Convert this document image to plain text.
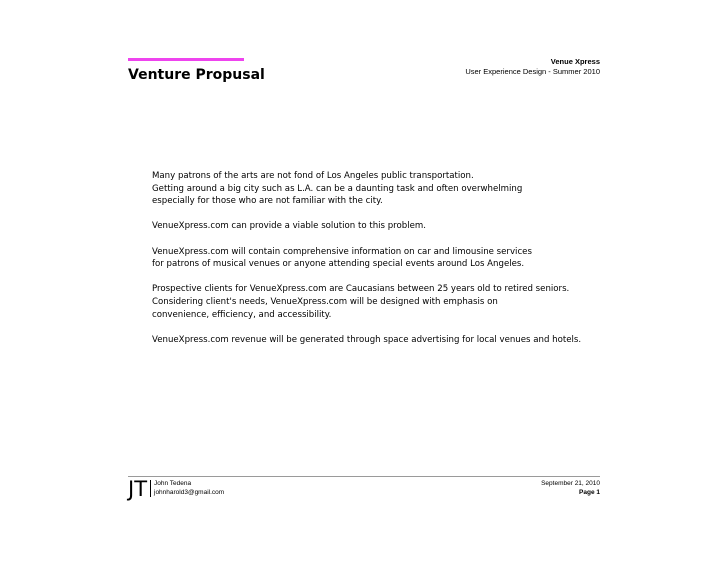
Venture Propusal
Venue Xpress
User Experience Design - Summer 2010

Many patrons of the arts are not fond of Los Angeles public transportation.
Getting around a big city such as L.A. can be a daunting task and often overwhelming
especially for those who are not familiar with the city.

VenueXpress.com can provide a viable solution to this problem.

VenueXpress.com will contain comprehensive information on car and limousine services
for patrons of musical venues or anyone attending special events around Los Angeles.

Prospective clients for VenueXpress.com are Caucasians between 25 years old to retired seniors.
Considering client's needs, VenueXpress.com will be designed with emphasis on
convenience, efficiency, and accessibility.

VenueXpress.com revenue will be generated through space advertising for local venues and hotels.

JT John Tedena
johnharold3@gmail.com
September 21, 2010
Page 1
